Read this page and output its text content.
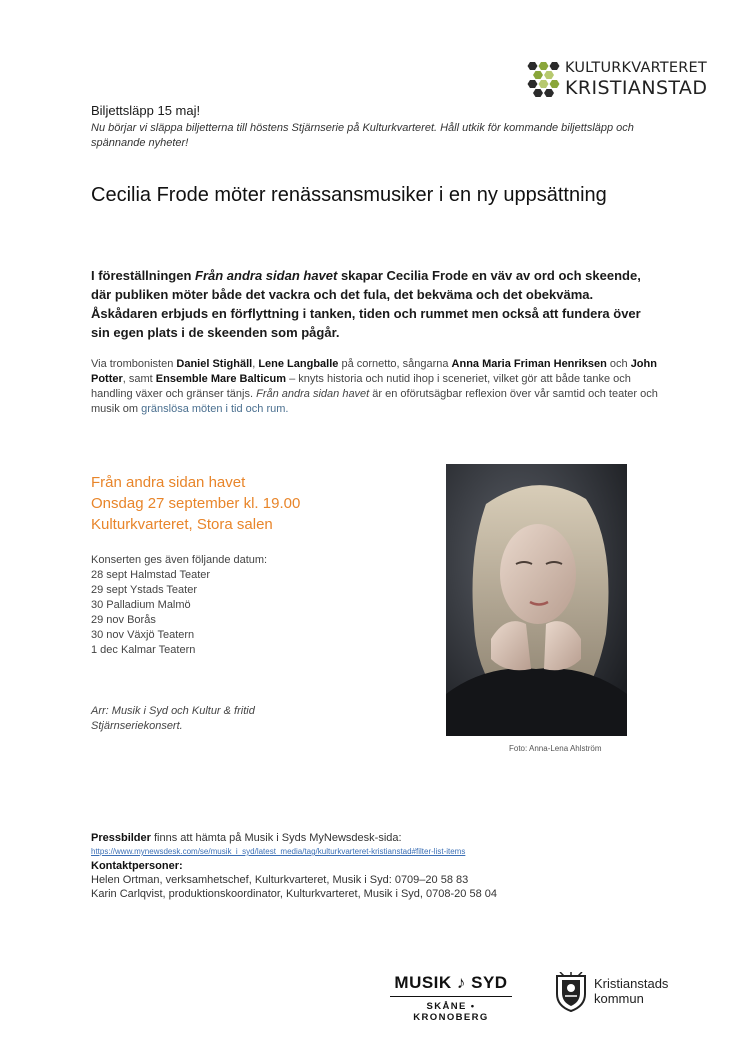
KULTURKVARTERET
KRISTIANSTAD
Biljettsläpp 15 maj!
Nu börjar vi släppa biljetterna till höstens Stjärnserie på Kulturkvarteret. Håll utkik för kommande biljettsläpp och spännande nyheter!
Cecilia Frode möter renässansmusiker i en ny uppsättning
I föreställningen Från andra sidan havet skapar Cecilia Frode en väv av ord och skeende, där publiken möter både det vackra och det fula, det bekväma och det obekväma. Åskådaren erbjuds en förflyttning i tanken, tiden och rummet men också att fundera över sin egen plats i de skeenden som pågår.
Via trombonisten Daniel Stighäll, Lene Langballe på cornetto, sångarna Anna Maria Friman Henriksen och John Potter, samt Ensemble Mare Balticum – knyts historia och nutid ihop i sceneriet, vilket gör att både tanke och handling växer och gränser tänjs. Från andra sidan havet är en oförutsägbar reflexion över vår samtid och teater och musik om gränslösa möten i tid och rum.
Från andra sidan havet
Onsdag 27 september kl. 19.00
Kulturkvarteret, Stora salen
Konserten ges även följande datum:
28 sept Halmstad Teater
29 sept Ystads Teater
30 Palladium Malmö
29 nov Borås
30 nov Växjö Teatern
1 dec Kalmar Teatern
Arr: Musik i Syd och Kultur & fritid
Stjärnseriekonsert.
Foto: Anna-Lena Ahlström
Pressbilder finns att hämta på Musik i Syds MyNewsdesk-sida:
https://www.mynewsdesk.com/se/musik_i_syd/latest_media/tag/kulturkvarteret-kristianstad#filter-list-items
Kontaktpersoner:
Helen Ortman, verksamhetschef, Kulturkvarteret, Musik i Syd: 0709–20 58 83
Karin Carlqvist, produktionskoordinator, Kulturkvarteret, Musik i Syd, 0708-20 58 04
MUSIK ♪ SYD
SKÅNE • KRONOBERG
Kristianstads
kommun
